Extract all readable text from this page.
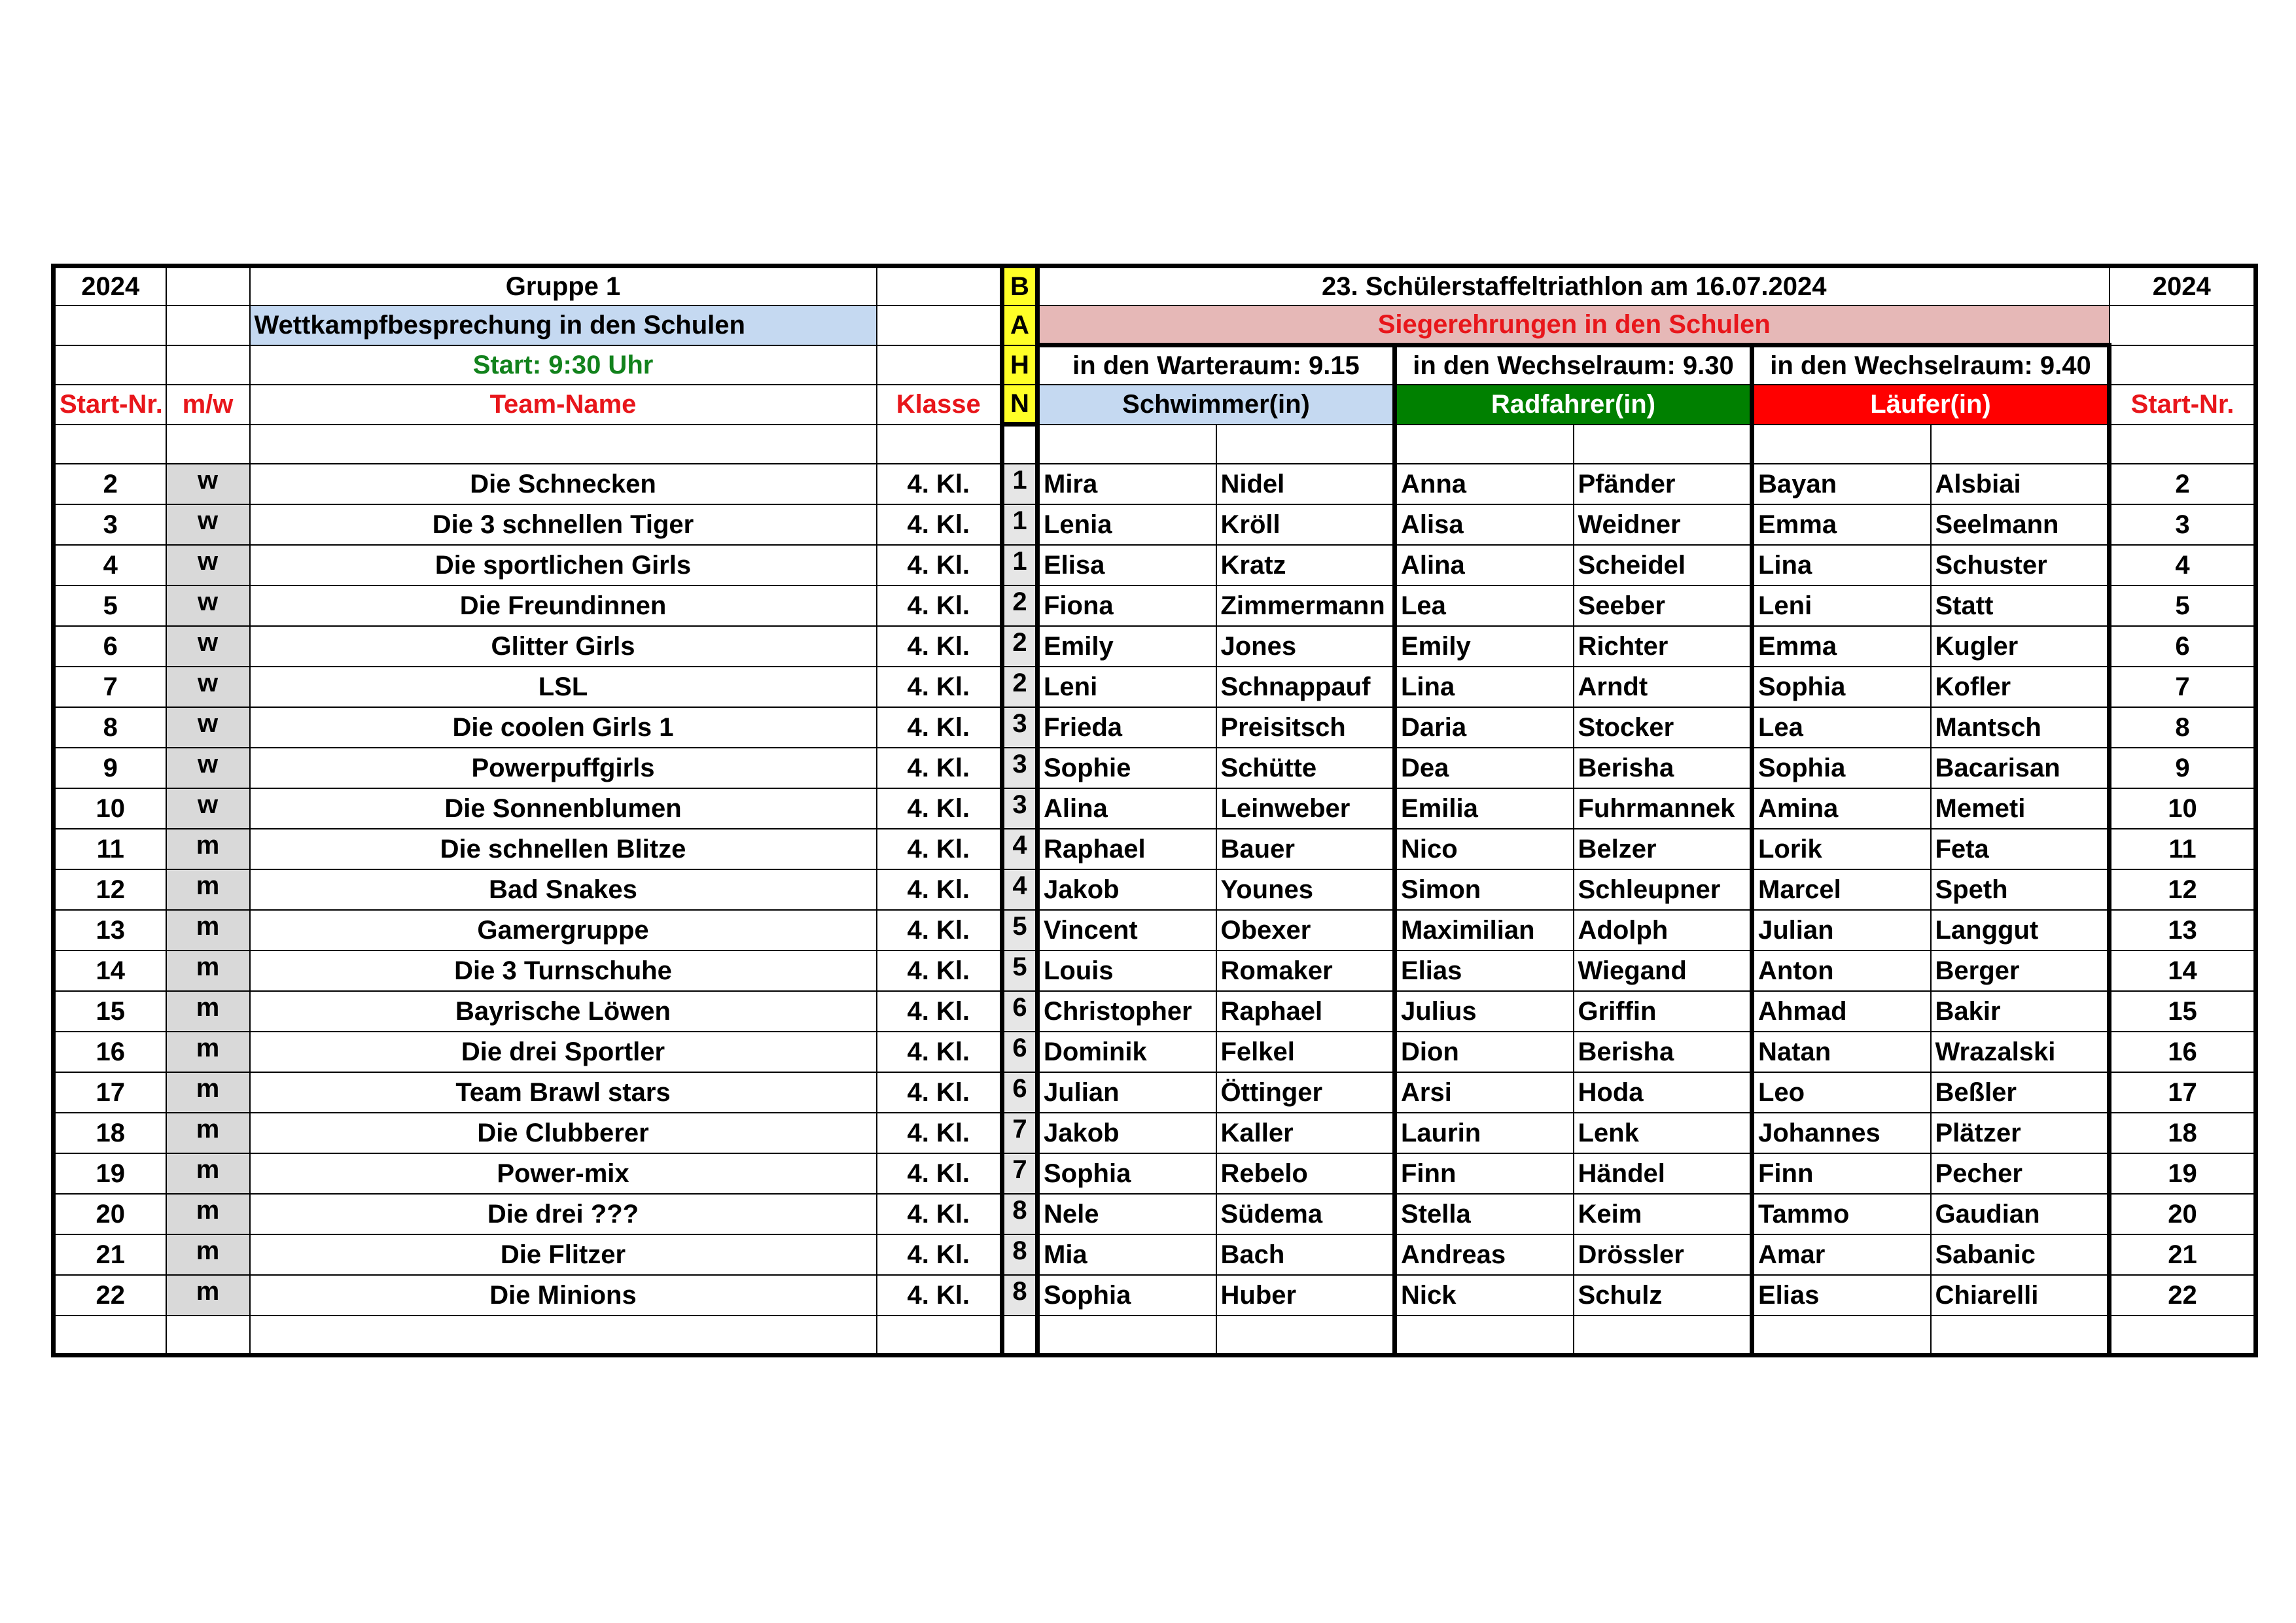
2024		Gruppe 1		B	23. Schülerstaffeltriathlon am 16.07.2024						2024
		Wettkampfbesprechung in den Schulen		A	Siegerehrungen in den Schulen						
		Start: 9:30 Uhr		H	in den Warteraum: 9.15		in den Wechselraum: 9.30		in den Wechselraum: 9.40		
Start-Nr.	m/w	Team-Name	Klasse	N	Schwimmer(in)		Radfahrer(in)		Läufer(in)		Start-Nr.

2	w	Die Schnecken	4. Kl.	1	Mira	Nidel	Anna	Pfänder	Bayan	Alsbiai	2
3	w	Die 3 schnellen Tiger	4. Kl.	1	Lenia	Kröll	Alisa	Weidner	Emma	Seelmann	3
4	w	Die sportlichen Girls	4. Kl.	1	Elisa	Kratz	Alina	Scheidel	Lina	Schuster	4
5	w	Die Freundinnen	4. Kl.	2	Fiona	Zimmermann	Lea	Seeber	Leni	Statt	5
6	w	Glitter Girls	4. Kl.	2	Emily	Jones	Emily	Richter	Emma	Kugler	6
7	w	LSL	4. Kl.	2	Leni	Schnappauf	Lina	Arndt	Sophia	Kofler	7
8	w	Die coolen Girls 1	4. Kl.	3	Frieda	Preisitsch	Daria	Stocker	Lea	Mantsch	8
9	w	Powerpuffgirls	4. Kl.	3	Sophie	Schütte	Dea	Berisha	Sophia	Bacarisan	9
10	w	Die Sonnenblumen	4. Kl.	3	Alina	Leinweber	Emilia	Fuhrmannek	Amina	Memeti	10
11	m	Die schnellen Blitze	4. Kl.	4	Raphael	Bauer	Nico	Belzer	Lorik	Feta	11
12	m	Bad Snakes	4. Kl.	4	Jakob	Younes	Simon	Schleupner	Marcel	Speth	12
13	m	Gamergruppe	4. Kl.	5	Vincent	Obexer	Maximilian	Adolph	Julian	Langgut	13
14	m	Die 3 Turnschuhe	4. Kl.	5	Louis	Romaker	Elias	Wiegand	Anton	Berger	14
15	m	Bayrische Löwen	4. Kl.	6	Christopher	Raphael	Julius	Griffin	Ahmad	Bakir	15
16	m	Die drei Sportler	4. Kl.	6	Dominik	Felkel	Dion	Berisha	Natan	Wrazalski	16
17	m	Team Brawl stars	4. Kl.	6	Julian	Öttinger	Arsi	Hoda	Leo	Beßler	17
18	m	Die Clubberer	4. Kl.	7	Jakob	Kaller	Laurin	Lenk	Johannes	Plätzer	18
19	m	Power-mix	4. Kl.	7	Sophia	Rebelo	Finn	Händel	Finn	Pecher	19
20	m	Die drei ???	4. Kl.	8	Nele	Südema	Stella	Keim	Tammo	Gaudian	20
21	m	Die Flitzer	4. Kl.	8	Mia	Bach	Andreas	Drössler	Amar	Sabanic	21
22	m	Die Minions	4. Kl.	8	Sophia	Huber	Nick	Schulz	Elias	Chiarelli	22
